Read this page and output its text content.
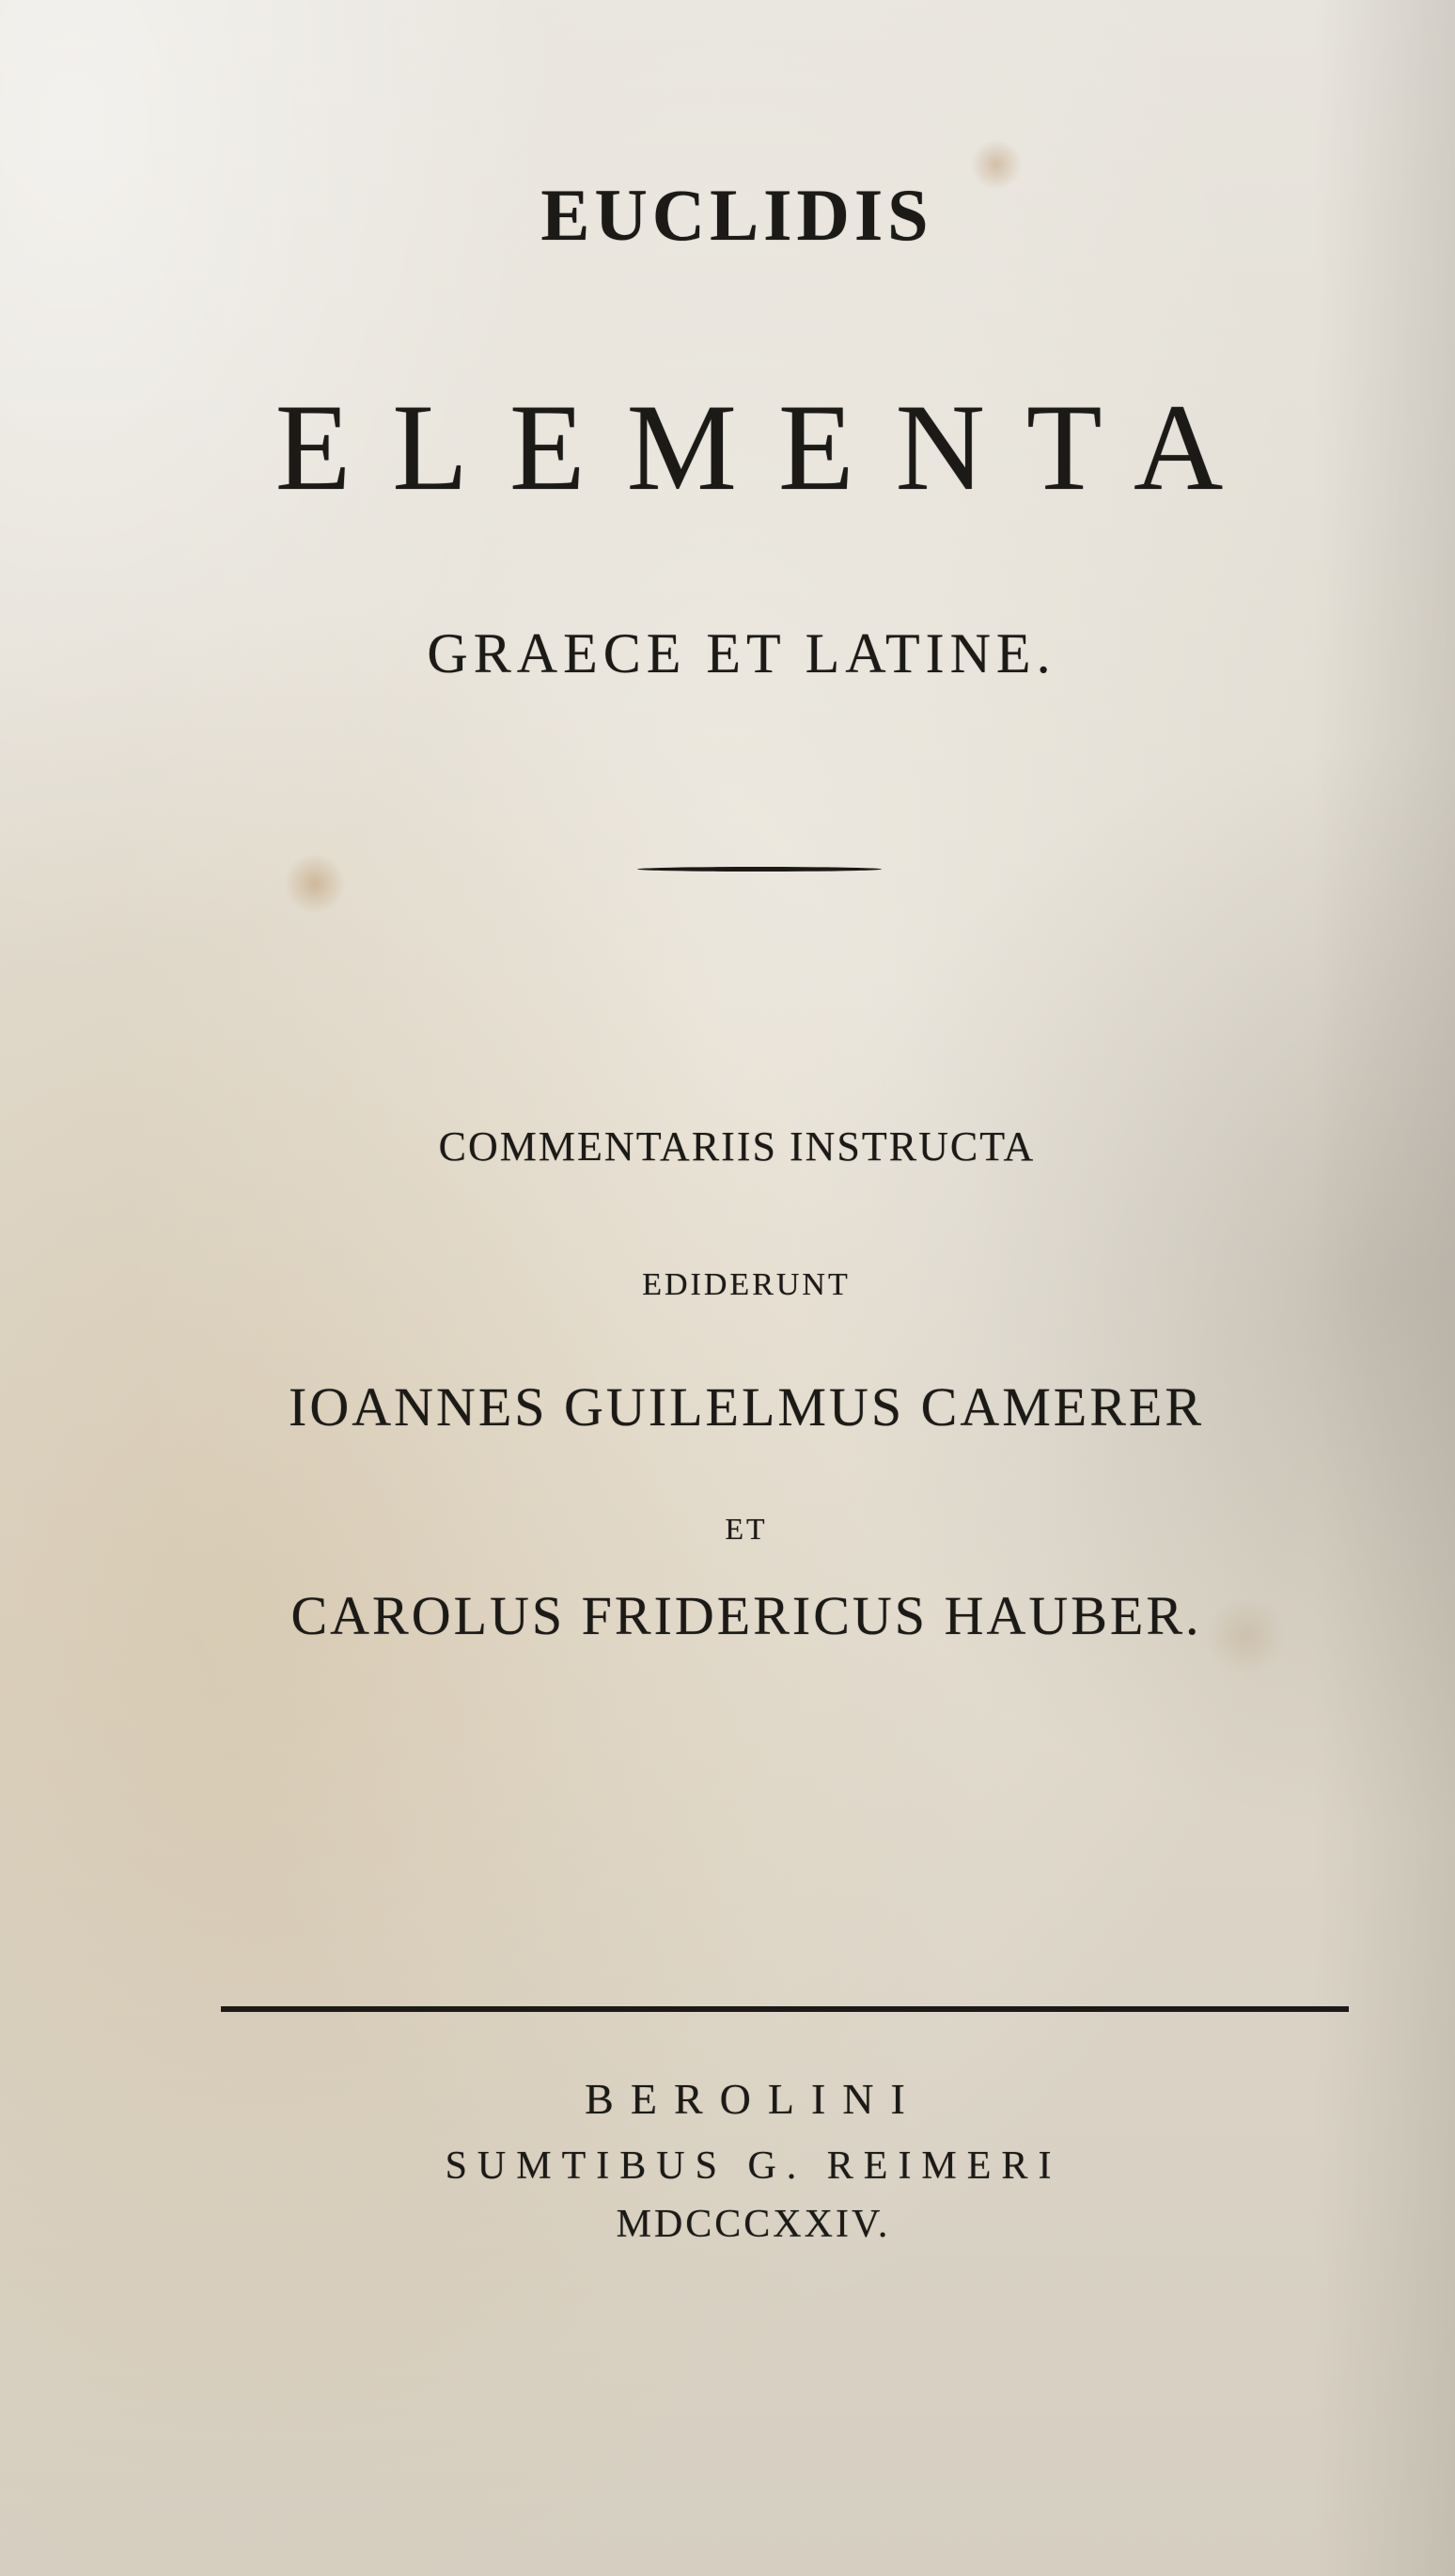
EUCLIDIS
ELEMENTA
GRAECE ET LATINE.
COMMENTARIIS INSTRUCTA
EDIDERUNT
IOANNES GUILELMUS CAMERER
ET
CAROLUS FRIDERICUS HAUBER.
BEROLINI
SUMTIBUS G. REIMERI
MDCCCXXIV.
